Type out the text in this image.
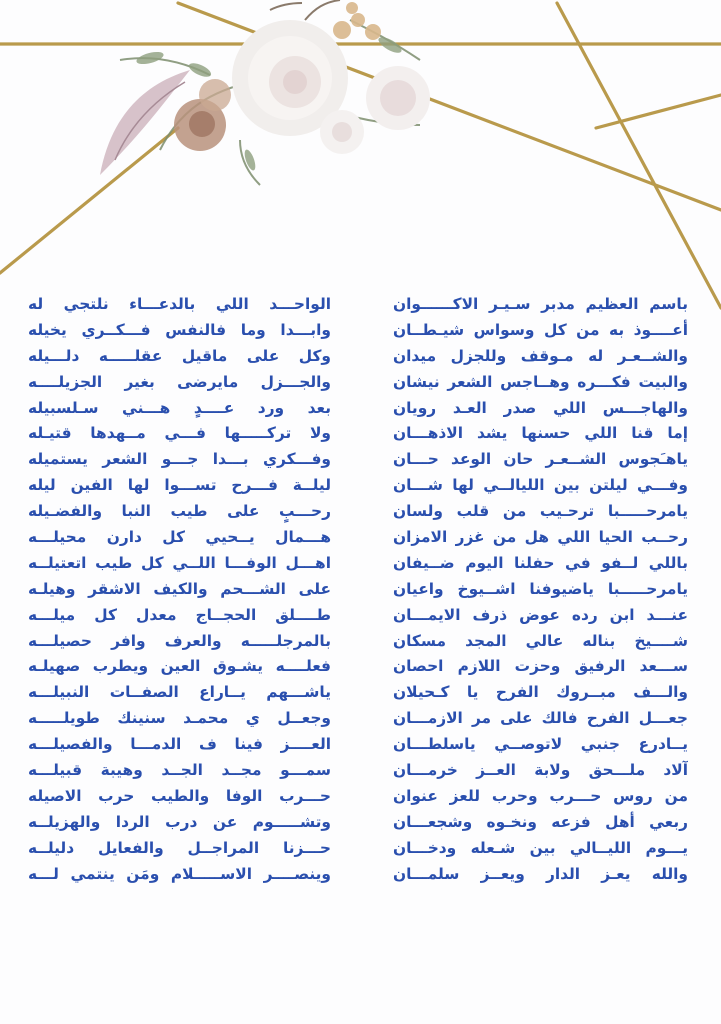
باسم العظيم مدبر سـيـر الاكــــــوان
أعــــوذ به من كل وسواس شيـطــان
والشــعـر له مـوقف وللجزل ميدان
والبيت فكـــره وهــاجس الشعر نيشان
والهاجـــس اللي صدر العـد رويان
إما قنا اللي حسنها يشد الاذهـــان
ياهـَجوس الشــعـر حان الوعد حـــان
وفـــي ليلتن بين الليالــي لها شـــان
يامرحـــــبا ترحـيب من قلب ولسان
رحــب الحيا اللي هل من غزر الامزان
باللي لــفو في حفلنا اليوم ضــيفان
يامرحـــــبا ياضيوفنا اشــيوخ واعيان
عنـــد ابن رده عوض ذرف الايمـــان
شــــيخ بناله عالي المجد مسكان
ســـعد الرفيق وحزت اللازم احصان
والـــف مبــروك الفرح يا كـحيلان
جعـــل الفرح فالك على مر الازمـــان
يــادرع جنبي لاتوصــي ياسلطـــان
آلاد ملـــحق ولابة العــز خرمـــان
من روس حـــرب وحرب للعز عنوان
ربعي أهل فزعه ونخـوه وشجعـــان
يـــوم الليــالي بين شـعله ودخـــان
والله يعـز الدار ويعــز سلمـــان
الواحـــد اللي بالدعـــاء نلتجي له
وابـــدا وما فالنفس فـــكــري يخيله
وكل على ماقيل عقلـــــه دلـــيله
والجـــزل مايرضى بغير الجزيلــــه
بعد ورد عــــدٍ هـــني سـلسبيله
ولا تركـــــها فـــي مــهدها قتيـله
وفـــكري بـــدا جـــو الشعر يستميله
ليلــة فـــرح تســـوا لها الفين ليله
رحـــبٍ على طيب النبا والفضـيله
هـــمال يــحيي كل دارن محيلـــه
اهـــل الوفـــا اللــي كل طيب اتعتيلــه
على الشـــحم والكيف الاشقر وهيلـه
طــــلق الحجــاج معدل كل ميلـــه
بالمرجلـــــه والعرف وافر حصيلـــه
فعلــــه يشـوق العين ويطرب صهيلـه
ياشـــهم يــاراع الصفــات النبيلـــه
وجعــل ي محمـد سنينك طويلـــــه
العــــز فينا ف الدمـــا والفصيلـــه
سمـــو مجــد الجــد وهيبة قبيلـــه
حـــرب الوفا والطيب حرب الاصيله
وتشـــــوم عن درب الردا والهزيلــه
حـــزنا المراجــل والفعايل دليلــه
وينصــــر الاســـــلام ومَن ينتمي لـــه
